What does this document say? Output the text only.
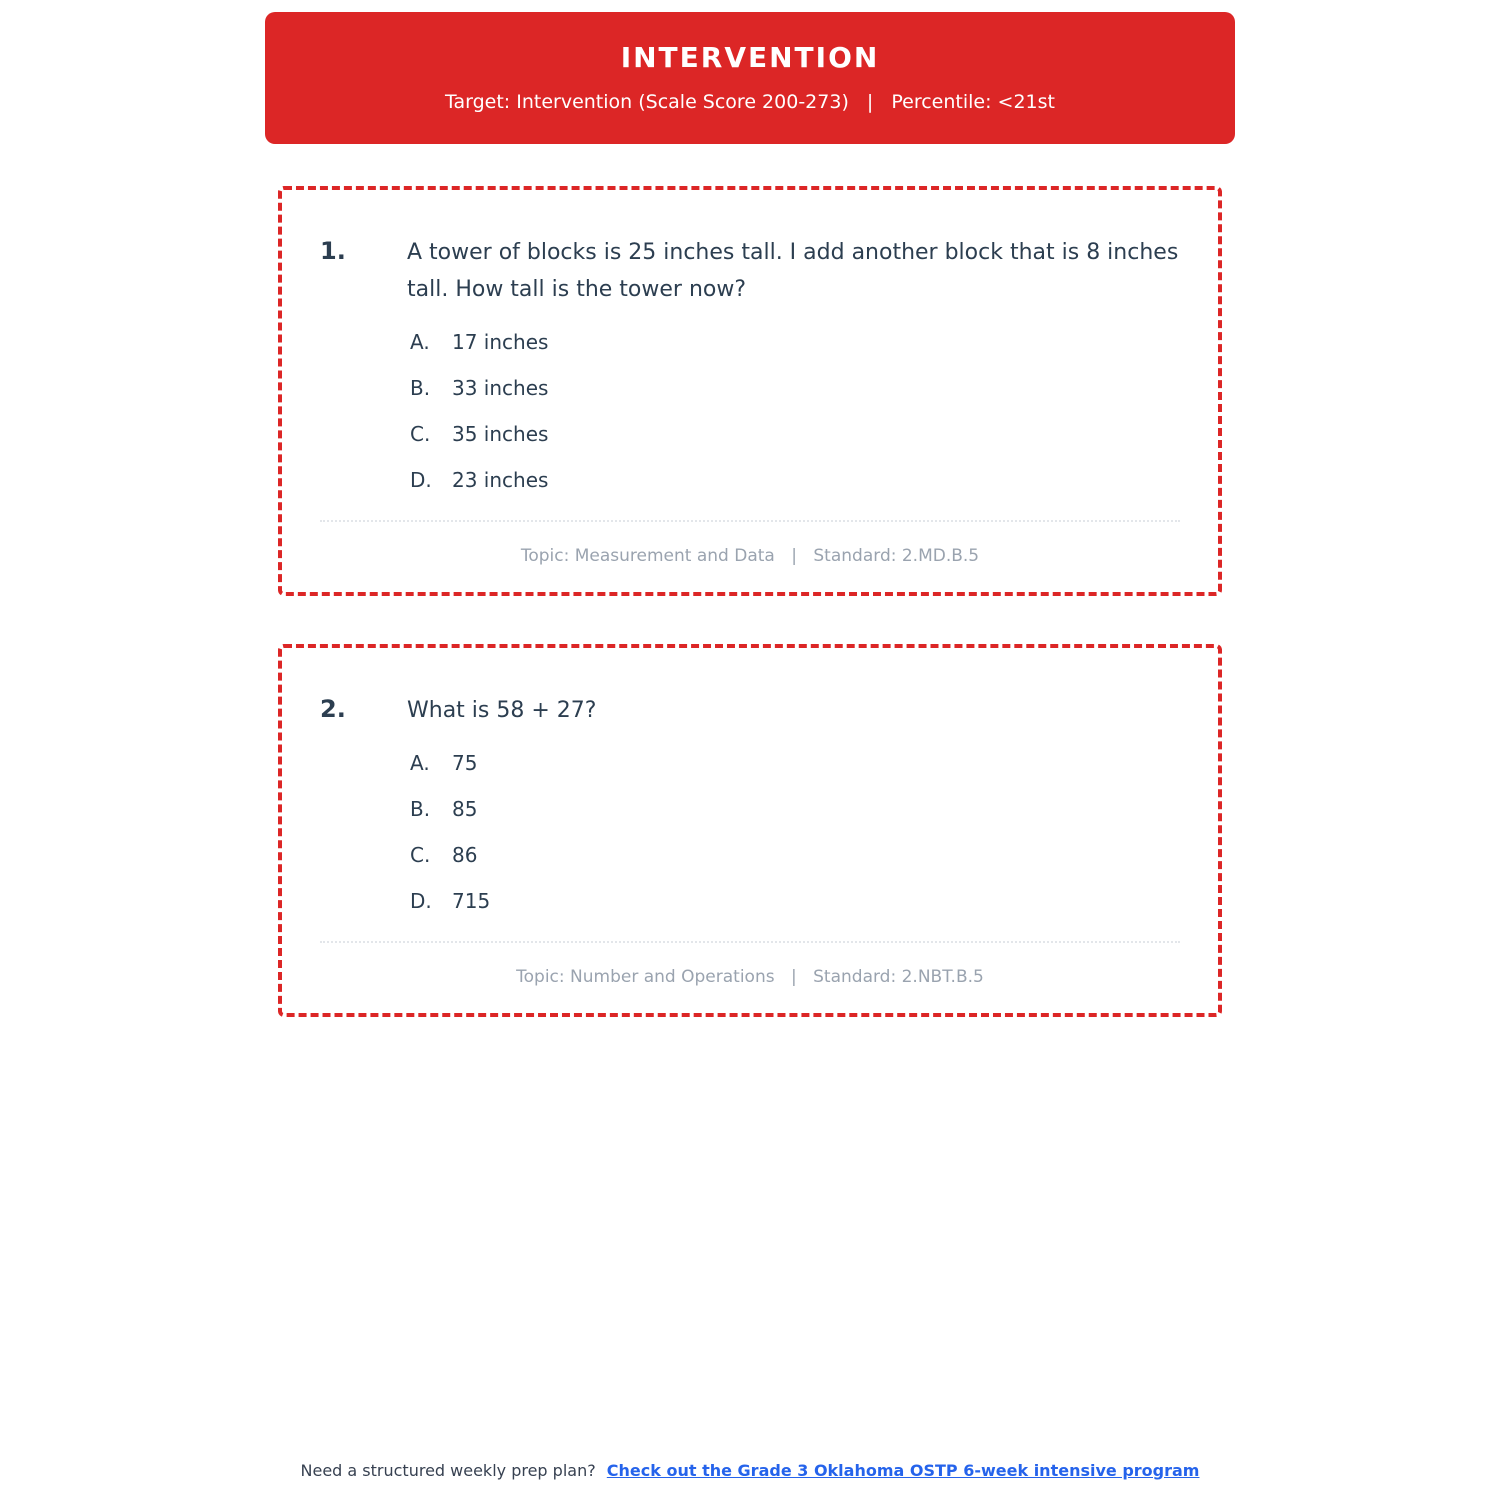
INTERVENTION
Target: Intervention (Scale Score 200-273) | Percentile: <21st
1.	A tower of blocks is 25 inches tall. I add another block that is 8 inches tall. How tall is the tower now?
A.	17 inches
B.	33 inches
C.	35 inches
D.	23 inches
Topic: Measurement and Data | Standard: 2.MD.B.5
2.	What is 58 + 27?
A.	75
B.	85
C.	86
D.	715
Topic: Number and Operations | Standard: 2.NBT.B.5
Need a structured weekly prep plan? Check out the Grade 3 Oklahoma OSTP 6-week intensive program
